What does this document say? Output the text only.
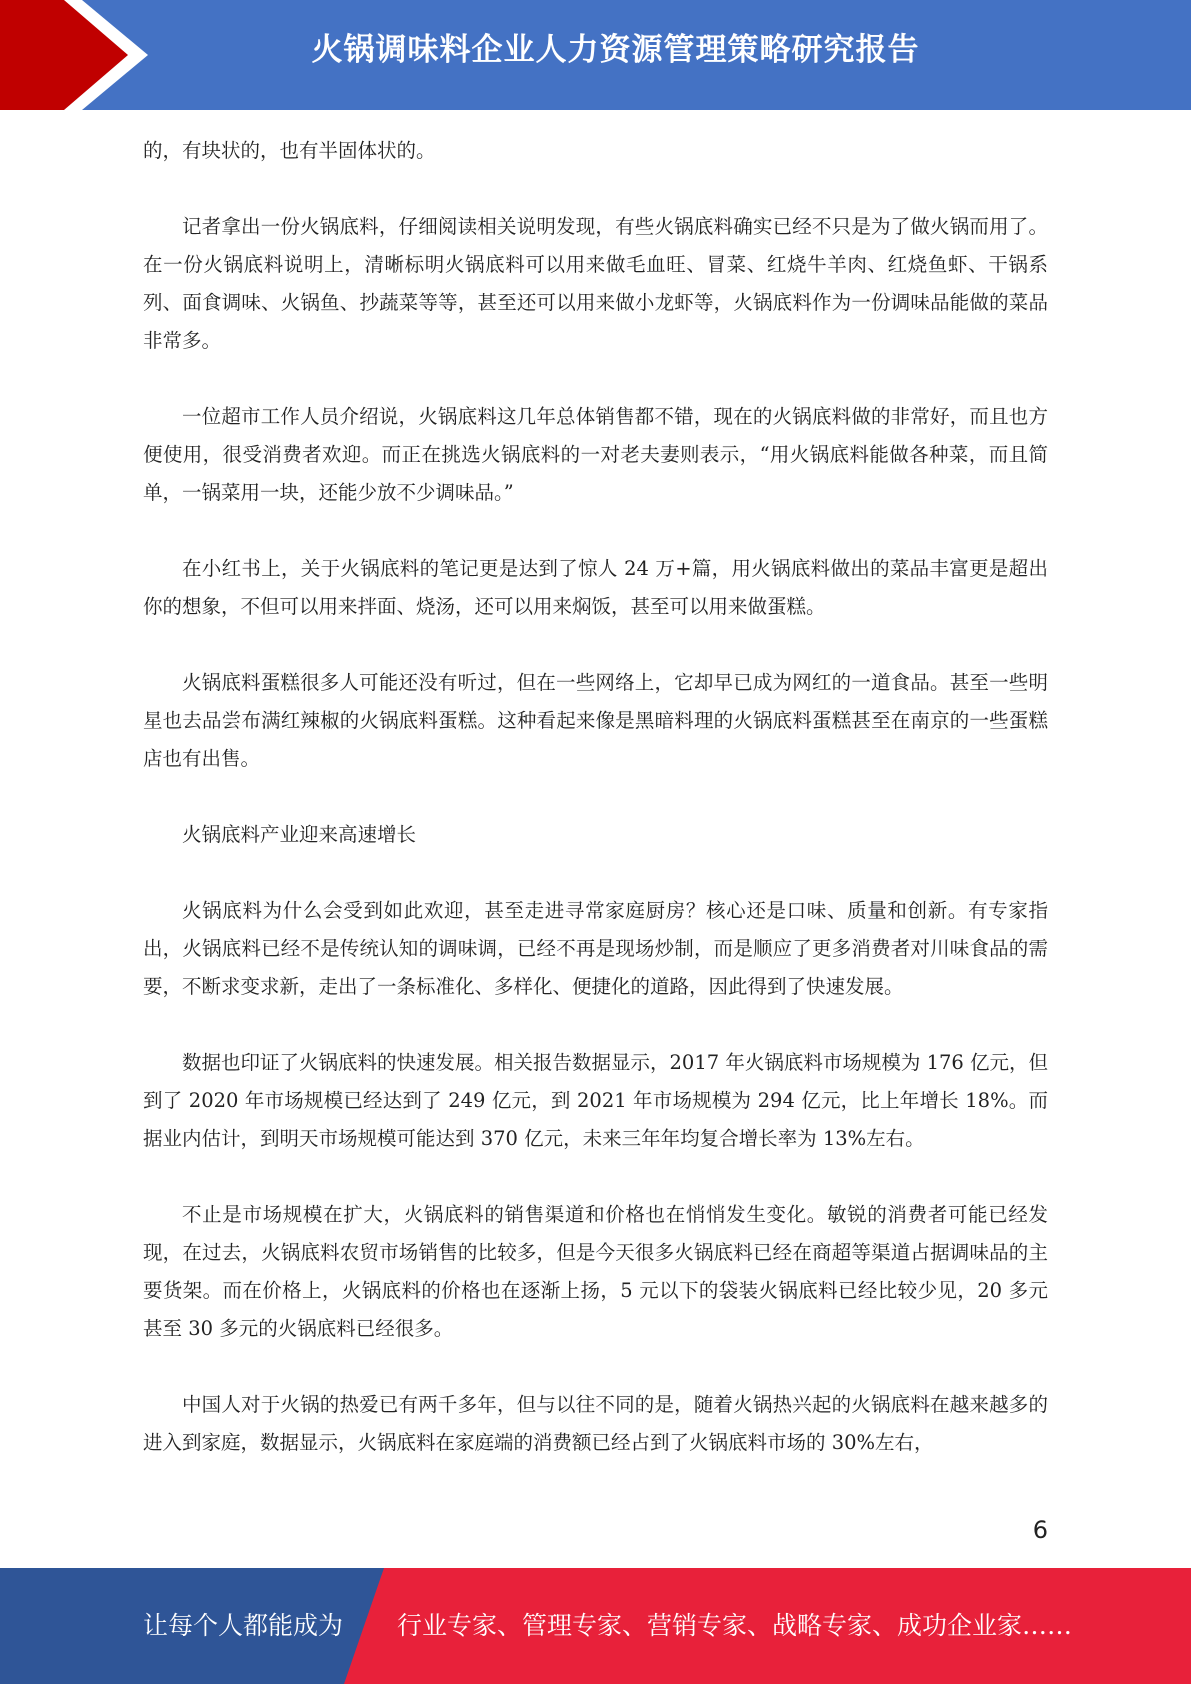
火锅调味料企业人力资源管理策略研究报告

的，有块状的，也有半固体状的。

记者拿出一份火锅底料，仔细阅读相关说明发现，有些火锅底料确实已经不只是为了做火锅而用了。在一份火锅底料说明上，清晰标明火锅底料可以用来做毛血旺、冒菜、红烧牛羊肉、红烧鱼虾、干锅系列、面食调味、火锅鱼、抄蔬菜等等，甚至还可以用来做小龙虾等，火锅底料作为一份调味品能做的菜品非常多。

一位超市工作人员介绍说，火锅底料这几年总体销售都不错，现在的火锅底料做的非常好，而且也方便使用，很受消费者欢迎。而正在挑选火锅底料的一对老夫妻则表示，“用火锅底料能做各种菜，而且简单，一锅菜用一块，还能少放不少调味品。”

在小红书上，关于火锅底料的笔记更是达到了惊人 24 万+篇，用火锅底料做出的菜品丰富更是超出你的想象，不但可以用来拌面、烧汤，还可以用来焖饭，甚至可以用来做蛋糕。

火锅底料蛋糕很多人可能还没有听过，但在一些网络上，它却早已成为网红的一道食品。甚至一些明星也去品尝布满红辣椒的火锅底料蛋糕。这种看起来像是黑暗料理的火锅底料蛋糕甚至在南京的一些蛋糕店也有出售。

火锅底料产业迎来高速增长

火锅底料为什么会受到如此欢迎，甚至走进寻常家庭厨房？核心还是口味、质量和创新。有专家指出，火锅底料已经不是传统认知的调味调，已经不再是现场炒制，而是顺应了更多消费者对川味食品的需要，不断求变求新，走出了一条标准化、多样化、便捷化的道路，因此得到了快速发展。

数据也印证了火锅底料的快速发展。相关报告数据显示，2017 年火锅底料市场规模为 176 亿元，但到了 2020 年市场规模已经达到了 249 亿元，到 2021 年市场规模为 294 亿元，比上年增长 18%。而据业内估计，到明天市场规模可能达到 370 亿元，未来三年年均复合增长率为 13%左右。

不止是市场规模在扩大，火锅底料的销售渠道和价格也在悄悄发生变化。敏锐的消费者可能已经发现，在过去，火锅底料农贸市场销售的比较多，但是今天很多火锅底料已经在商超等渠道占据调味品的主要货架。而在价格上，火锅底料的价格也在逐渐上扬，5 元以下的袋装火锅底料已经比较少见，20 多元甚至 30 多元的火锅底料已经很多。

中国人对于火锅的热爱已有两千多年，但与以往不同的是，随着火锅热兴起的火锅底料在越来越多的进入到家庭，数据显示，火锅底料在家庭端的消费额已经占到了火锅底料市场的 30%左右，

6
让每个人都能成为 行业专家、管理专家、营销专家、战略专家、成功企业家……
